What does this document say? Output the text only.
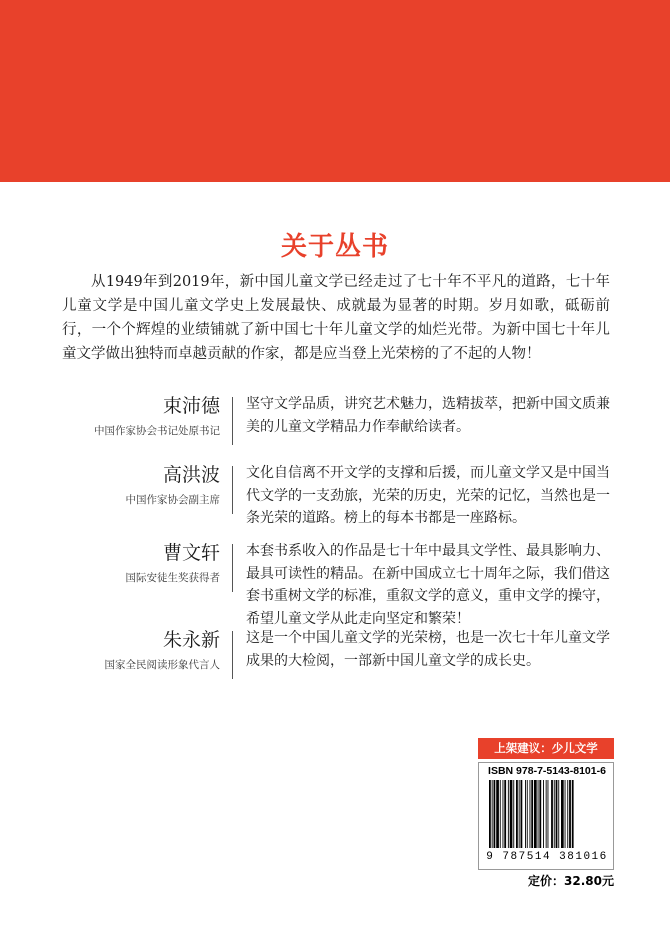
关于丛书
从1949年到2019年，新中国儿童文学已经走过了七十年不平凡的道路，七十年儿童文学是中国儿童文学史上发展最快、成就最为显著的时期。岁月如歌，砥砺前行，一个个辉煌的业绩铺就了新中国七十年儿童文学的灿烂光带。为新中国七十年儿童文学做出独特而卓越贡献的作家，都是应当登上光荣榜的了不起的人物！
束沛德
中国作家协会书记处原书记
坚守文学品质，讲究艺术魅力，选精拔萃，把新中国文质兼美的儿童文学精品力作奉献给读者。
高洪波
中国作家协会副主席
文化自信离不开文学的支撑和后援，而儿童文学又是中国当代文学的一支劲旅，光荣的历史，光荣的记忆，当然也是一条光荣的道路。榜上的每本书都是一座路标。
曹文轩
国际安徒生奖获得者
本套书系收入的作品是七十年中最具文学性、最具影响力、最具可读性的精品。在新中国成立七十周年之际，我们借这套书重树文学的标准，重叙文学的意义，重申文学的操守，希望儿童文学从此走向坚定和繁荣！
朱永新
国家全民阅读形象代言人
这是一个中国儿童文学的光荣榜，也是一次七十年儿童文学成果的大检阅，一部新中国儿童文学的成长史。
上架建议：少儿文学
ISBN 978-7-5143-8101-6
9 787514 381016
定价：32.80元
